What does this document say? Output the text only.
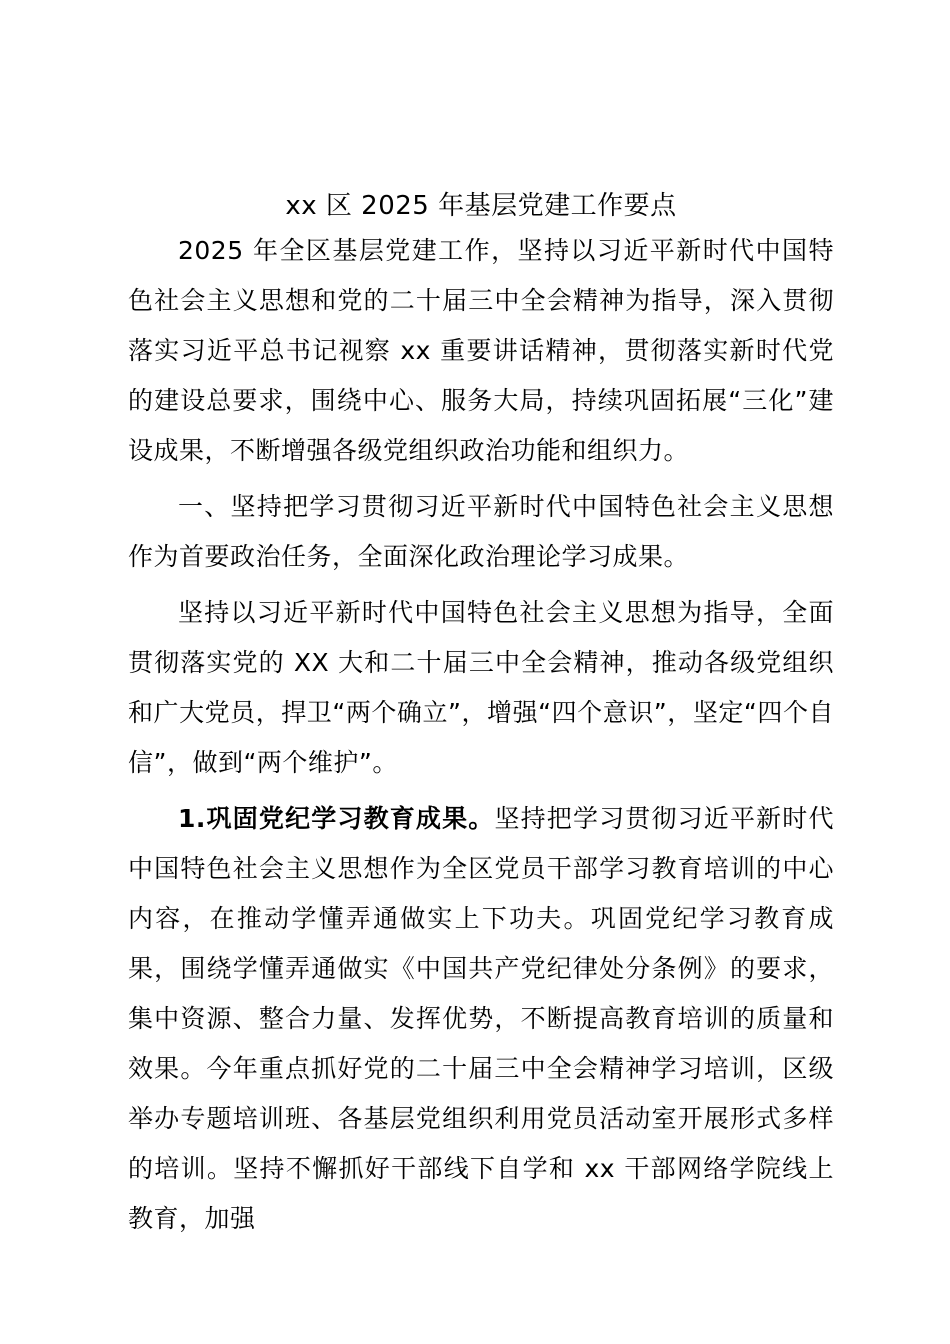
xx 区 2025 年基层党建工作要点

2025 年全区基层党建工作，坚持以习近平新时代中国特色社会主义思想和党的二十届三中全会精神为指导，深入贯彻落实习近平总书记视察 xx 重要讲话精神，贯彻落实新时代党的建设总要求，围绕中心、服务大局，持续巩固拓展“三化”建设成果，不断增强各级党组织政治功能和组织力。

一、坚持把学习贯彻习近平新时代中国特色社会主义思想作为首要政治任务，全面深化政治理论学习成果。

坚持以习近平新时代中国特色社会主义思想为指导，全面贯彻落实党的 XX 大和二十届三中全会精神，推动各级党组织和广大党员，捍卫“两个确立”，增强“四个意识”，坚定“四个自信”，做到“两个维护”。

1.巩固党纪学习教育成果。坚持把学习贯彻习近平新时代中国特色社会主义思想作为全区党员干部学习教育培训的中心内容，在推动学懂弄通做实上下功夫。巩固党纪学习教育成果，围绕学懂弄通做实《中国共产党纪律处分条例》的要求，集中资源、整合力量、发挥优势，不断提高教育培训的质量和效果。今年重点抓好党的二十届三中全会精神学习培训，区级举办专题培训班、各基层党组织利用党员活动室开展形式多样的培训。坚持不懈抓好干部线下自学和 xx 干部网络学院线上教育，加强
